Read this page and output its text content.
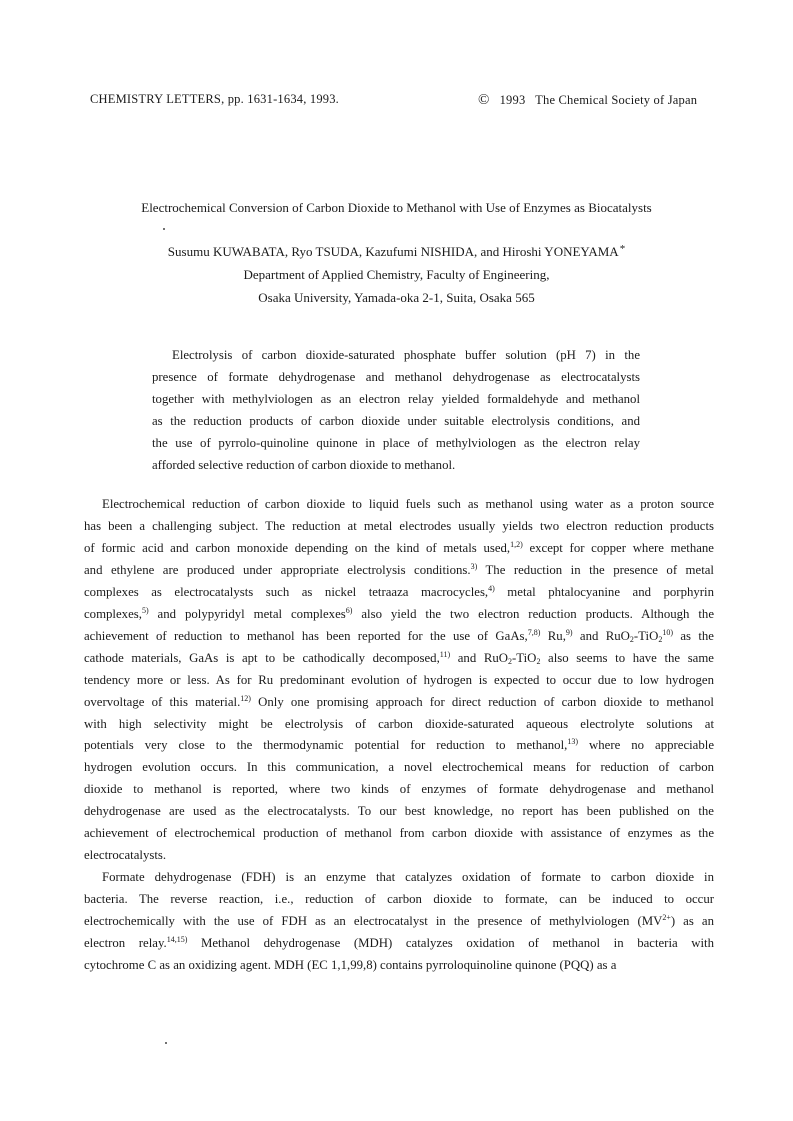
CHEMISTRY LETTERS, pp. 1631-1634, 1993.	© 1993 The Chemical Society of Japan
Electrochemical Conversion of Carbon Dioxide to Methanol with Use of Enzymes as Biocatalysts
Susumu KUWABATA, Ryo TSUDA, Kazufumi NISHIDA, and Hiroshi YONEYAMA*
Department of Applied Chemistry, Faculty of Engineering,
Osaka University, Yamada-oka 2-1, Suita, Osaka 565
Electrolysis of carbon dioxide-saturated phosphate buffer solution (pH 7) in the
presence of formate dehydrogenase and methanol dehydrogenase as electrocatalysts
together with methylviologen as an electron relay yielded formaldehyde and methanol
as the reduction products of carbon dioxide under suitable electrolysis conditions, and
the use of pyrrolo-quinoline quinone in place of methylviologen as the electron relay
afforded selective reduction of carbon dioxide to methanol.
Electrochemical reduction of carbon dioxide to liquid fuels such as methanol using water as a proton source
has been a challenging subject. The reduction at metal electrodes usually yields two electron reduction products
of formic acid and carbon monoxide depending on the kind of metals used,$^{1,2)}$ except for copper where methane
and ethylene are produced under appropriate electrolysis conditions.$^{3)}$ The reduction in the presence of metal
complexes as electrocatalysts such as nickel tetraaza macrocycles,$^{4)}$ metal phtalocyanine and porphyrin
complexes,$^{5)}$ and polypyridyl metal complexes$^{6)}$ also yield the two electron reduction products. Although the
achievement of reduction to methanol has been reported for the use of GaAs,$^{7,8)}$ Ru,$^{9)}$ and RuO$_2$-TiO$_2^{10)}$ as the
cathode materials, GaAs is apt to be cathodically decomposed,$^{11)}$ and RuO$_2$-TiO$_2$ also seems to have the same
tendency more or less. As for Ru predominant evolution of hydrogen is expected to occur due to low hydrogen
overvoltage of this material.$^{12)}$ Only one promising approach for direct reduction of carbon dioxide to methanol
with high selectivity might be electrolysis of carbon dioxide-saturated aqueous electrolyte solutions at
potentials very close to the thermodynamic potential for reduction to methanol,$^{13)}$ where no appreciable
hydrogen evolution occurs. In this communication, a novel electrochemical means for reduction of carbon
dioxide to methanol is reported, where two kinds of enzymes of formate dehydrogenase and methanol
dehydrogenase are used as the electrocatalysts. To our best knowledge, no report has been published on the
achievement of electrochemical production of methanol from carbon dioxide with assistance of enzymes as the
electrocatalysts.
Formate dehydrogenase (FDH) is an enzyme that catalyzes oxidation of formate to carbon dioxide in
bacteria. The reverse reaction, i.e., reduction of carbon dioxide to formate, can be induced to occur
electrochemically with the use of FDH as an electrocatalyst in the presence of methylviologen $(MV^{2+})$ as an
electron relay.$^{14,15)}$ Methanol dehydrogenase (MDH) catalyzes oxidation of methanol in bacteria with
cytochrome C as an oxidizing agent. MDH (EC 1,1,99,8) contains pyrroloquinoline quinone (PQQ) as a
